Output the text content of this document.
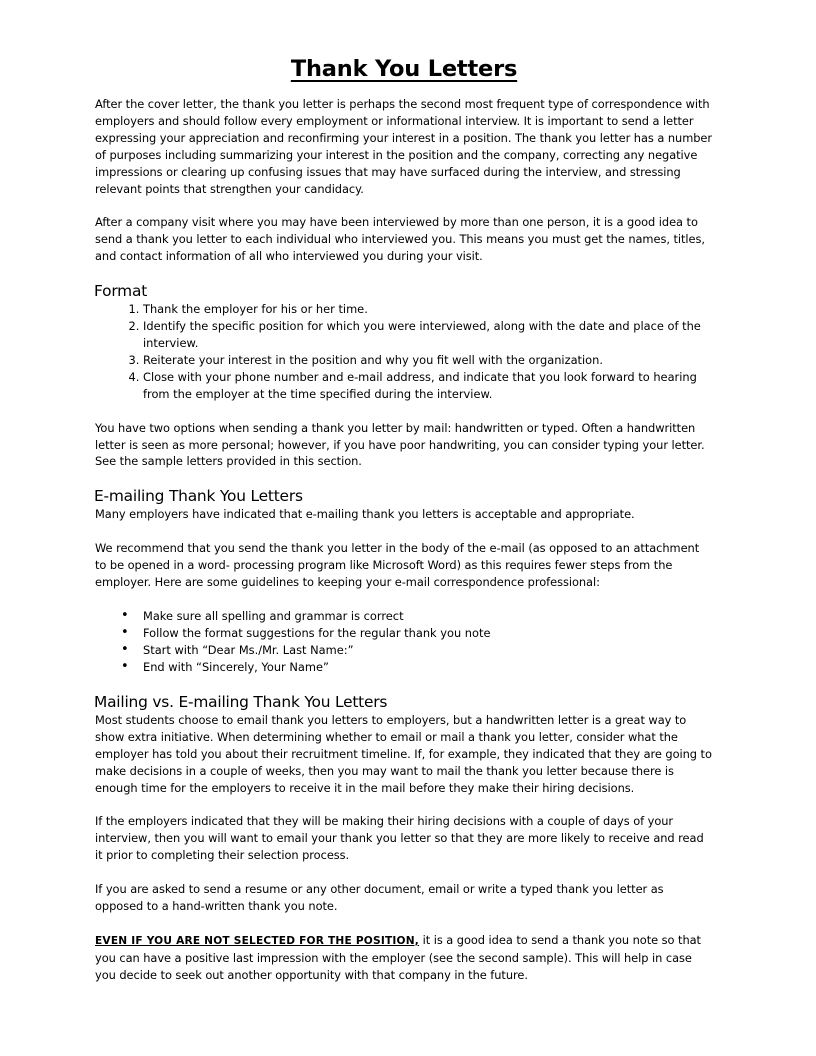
Thank You Letters

After the cover letter, the thank you letter is perhaps the second most frequent type of correspondence with employers and should follow every employment or informational interview. It is important to send a letter expressing your appreciation and reconfirming your interest in a position. The thank you letter has a number of purposes including summarizing your interest in the position and the company, correcting any negative impressions or clearing up confusing issues that may have surfaced during the interview, and stressing relevant points that strengthen your candidacy.

After a company visit where you may have been interviewed by more than one person, it is a good idea to send a thank you letter to each individual who interviewed you. This means you must get the names, titles, and contact information of all who interviewed you during your visit.

Format
1. Thank the employer for his or her time.
2. Identify the specific position for which you were interviewed, along with the date and place of the interview.
3. Reiterate your interest in the position and why you fit well with the organization.
4. Close with your phone number and e-mail address, and indicate that you look forward to hearing from the employer at the time specified during the interview.

You have two options when sending a thank you letter by mail: handwritten or typed. Often a handwritten letter is seen as more personal; however, if you have poor handwriting, you can consider typing your letter. See the sample letters provided in this section.

E-mailing Thank You Letters

Many employers have indicated that e-mailing thank you letters is acceptable and appropriate.

We recommend that you send the thank you letter in the body of the e-mail (as opposed to an attachment to be opened in a word- processing program like Microsoft Word) as this requires fewer steps from the employer. Here are some guidelines to keeping your e-mail correspondence professional:

• Make sure all spelling and grammar is correct
• Follow the format suggestions for the regular thank you note
• Start with “Dear Ms./Mr. Last Name:”
• End with “Sincerely, Your Name”
Mailing vs. E-mailing Thank You Letters

Most students choose to email thank you letters to employers, but a handwritten letter is a great way to show extra initiative. When determining whether to email or mail a thank you letter, consider what the employer has told you about their recruitment timeline. If, for example, they indicated that they are going to make decisions in a couple of weeks, then you may want to mail the thank you letter because there is enough time for the employers to receive it in the mail before they make their hiring decisions.

If the employers indicated that they will be making their hiring decisions with a couple of days of your interview, then you will want to email your thank you letter so that they are more likely to receive and read it prior to completing their selection process.

If you are asked to send a resume or any other document, email or write a typed thank you letter as opposed to a hand-written thank you note.

EVEN IF YOU ARE NOT SELECTED FOR THE POSITION, it is a good idea to send a thank you note so that you can have a positive last impression with the employer (see the second sample). This will help in case you decide to seek out another opportunity with that company in the future.
